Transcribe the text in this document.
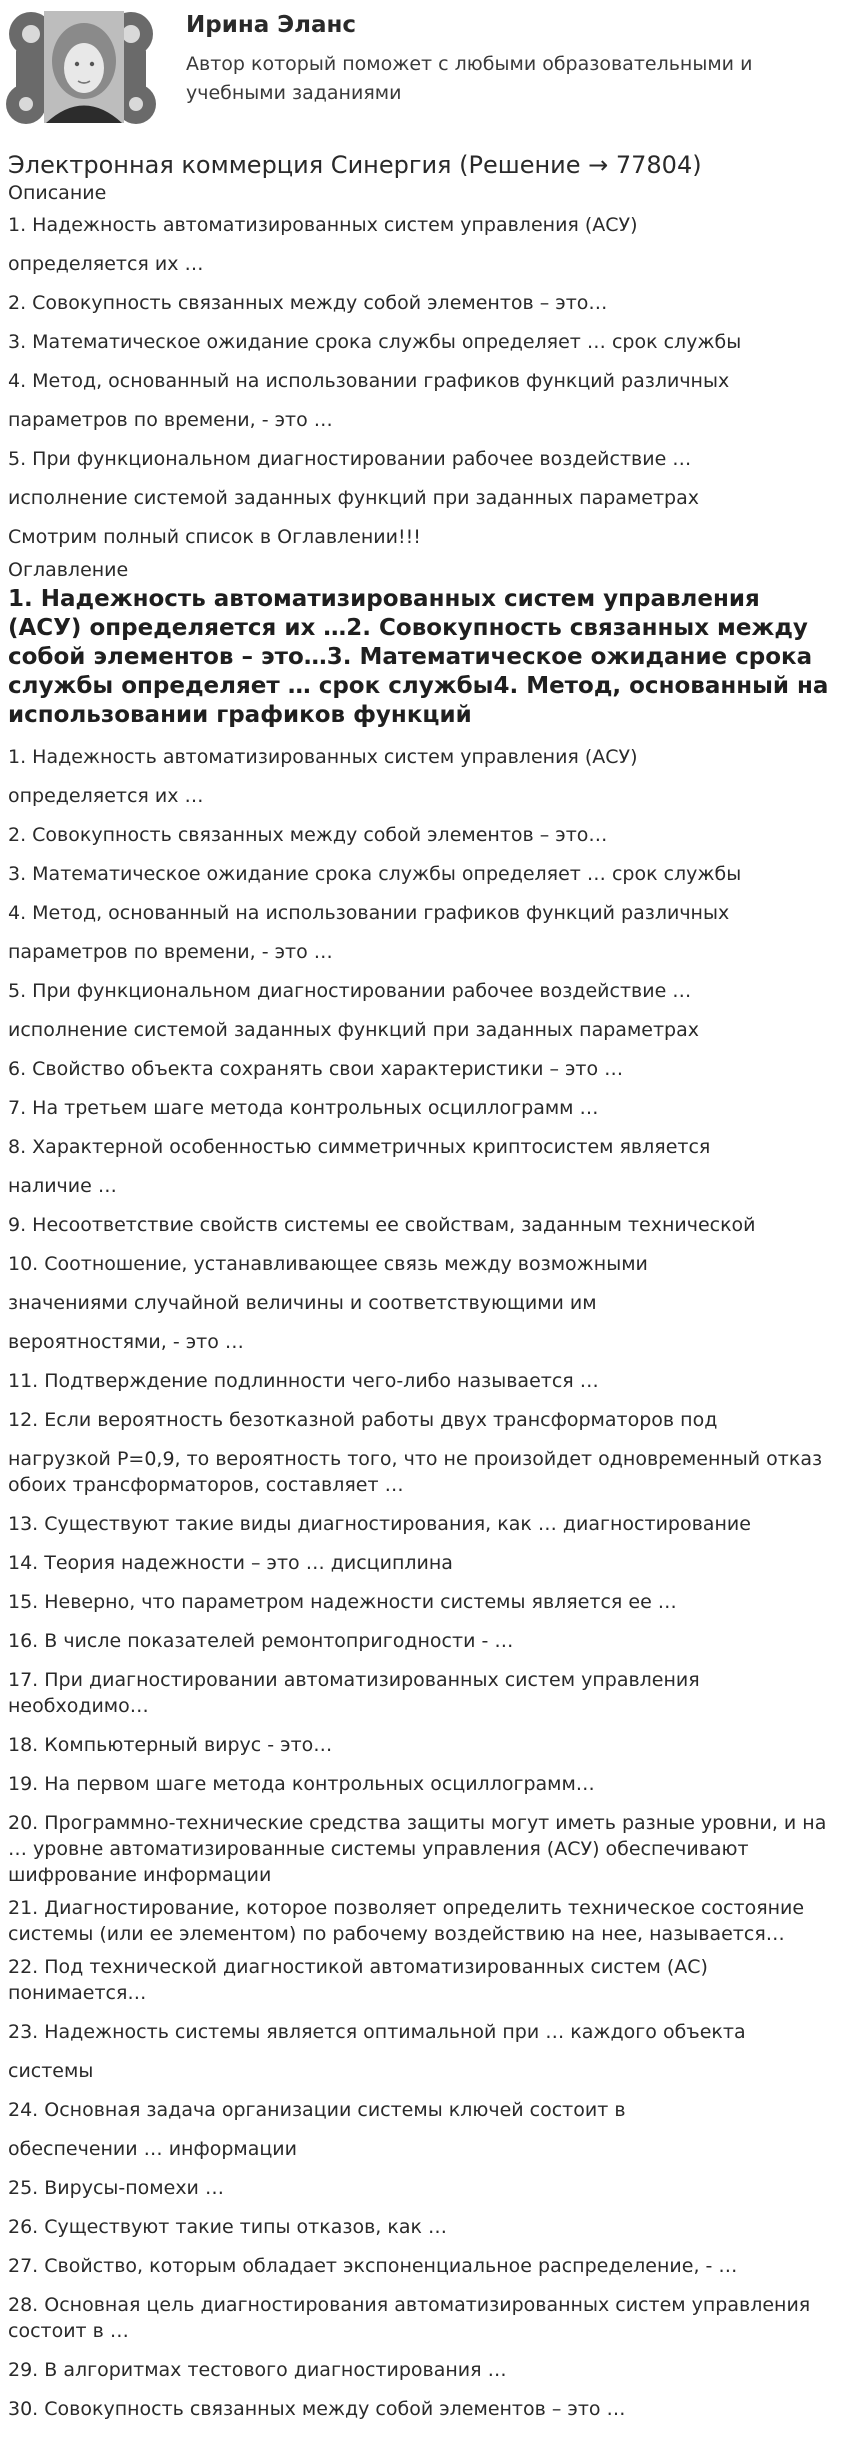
Ирина Эланс
Автор который поможет с любыми образовательными и учебными заданиями
Электронная коммерция Синергия (Решение → 77804)
Описание
1. Надежность автоматизированных систем управления (АСУ)
определяется их …
2. Совокупность связанных между собой элементов – это…
3. Математическое ожидание срока службы определяет … срок службы
4. Метод, основанный на использовании графиков функций различных
параметров по времени, - это …
5. При функциональном диагностировании рабочее воздействие …
исполнение системой заданных функций при заданных параметрах
Смотрим полный список в Оглавлении!!!
Оглавление
1. Надежность автоматизированных систем управления (АСУ) определяется их …2. Совокупность связанных между собой элементов – это…3. Математическое ожидание срока службы определяет … срок службы4. Метод, основанный на использовании графиков функций
1. Надежность автоматизированных систем управления (АСУ)
определяется их …
2. Совокупность связанных между собой элементов – это…
3. Математическое ожидание срока службы определяет … срок службы
4. Метод, основанный на использовании графиков функций различных
параметров по времени, - это …
5. При функциональном диагностировании рабочее воздействие …
исполнение системой заданных функций при заданных параметрах
6. Свойство объекта сохранять свои характеристики – это …
7. На третьем шаге метода контрольных осциллограмм …
8. Характерной особенностью симметричных криптосистем является
наличие …
9. Несоответствие свойств системы ее свойствам, заданным технической
10. Соотношение, устанавливающее связь между возможными
значениями случайной величины и соответствующими им
вероятностями, - это …
11. Подтверждение подлинности чего-либо называется …
12. Если вероятность безотказной работы двух трансформаторов под
нагрузкой P=0,9, то вероятность того, что не произойдет одновременный отказ обоих трансформаторов, составляет …
13. Существуют такие виды диагностирования, как … диагностирование
14. Теория надежности – это … дисциплина
15. Неверно, что параметром надежности системы является ее …
16. В числе показателей ремонтопригодности - …
17. При диагностировании автоматизированных систем управления необходимо…
18. Компьютерный вирус - это…
19. На первом шаге метода контрольных осциллограмм…
20. Программно-технические средства защиты могут иметь разные уровни, и на … уровне автоматизированные системы управления (АСУ) обеспечивают шифрование информации
21. Диагностирование, которое позволяет определить техническое состояние системы (или ее элементом) по рабочему воздействию на нее, называется…
22. Под технической диагностикой автоматизированных систем (АС) понимается…
23. Надежность системы является оптимальной при … каждого объекта
системы
24. Основная задача организации системы ключей состоит в
обеспечении … информации
25. Вирусы-помехи …
26. Существуют такие типы отказов, как …
27. Свойство, которым обладает экспоненциальное распределение, - …
28. Основная цель диагностирования автоматизированных систем управления состоит в …
29. В алгоритмах тестового диагностирования …
30. Совокупность связанных между собой элементов – это …
